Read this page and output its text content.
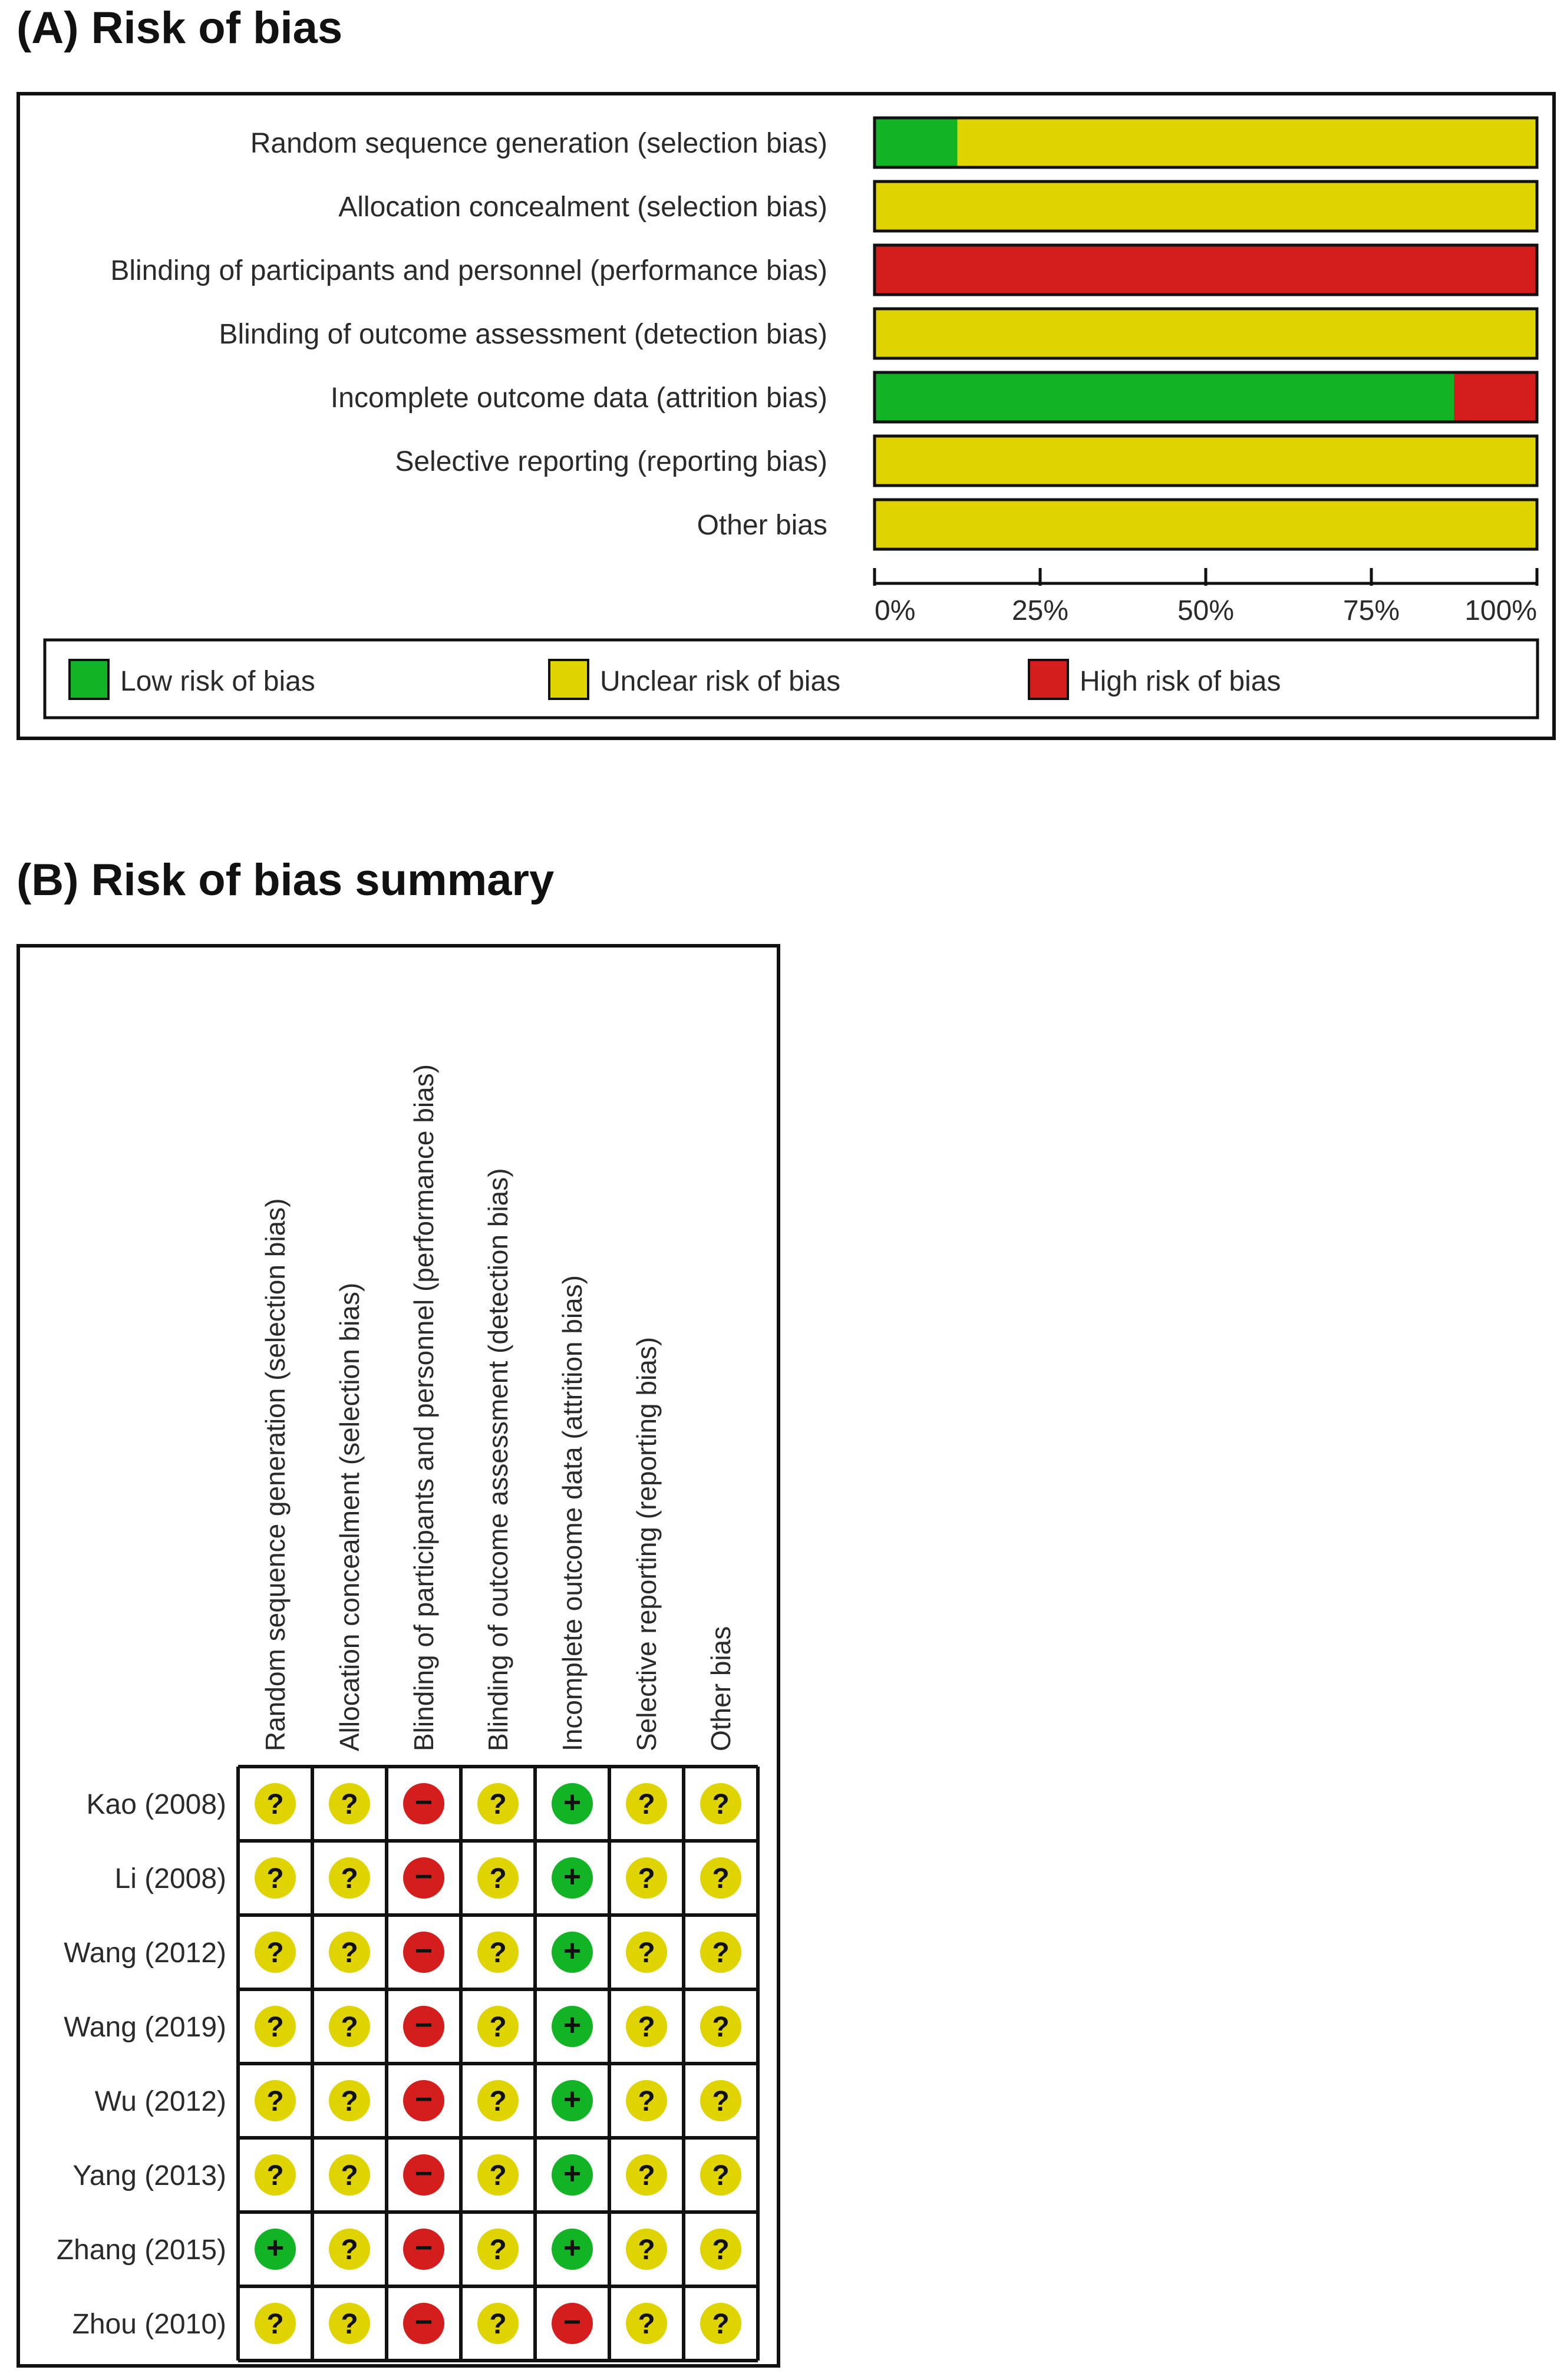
(A) Risk of bias
(B) Risk of bias summary
Random sequence generation (selection bias)
Allocation concealment (selection bias)
Blinding of participants and personnel (performance bias)
Blinding of outcome assessment (detection bias)
Incomplete outcome data (attrition bias)
Selective reporting (reporting bias)
Other bias
0%	25%	50%	75% 100%
Low risk of bias	Unclear risk of bias	High risk of bias
Random sequence generation (selection bias) Allocation concealment (selection bias) Blinding of participants and personnel (performance bias) Blinding of outcome assessment (detection bias) Incomplete outcome data (attrition bias) Selective reporting (reporting bias) Other bias
Kao (2008) ? ? − ? + ? ?
Li (2008) ? ? − ? + ? ?
Wang (2012) ? ? − ? + ? ?
Wang (2019) ? ? − ? + ? ?
Wu (2012) ? ? − ? + ? ?
Yang (2013) ? ? − ? + ? ?
Zhang (2015) + ? − ? + ? ?
Zhou (2010) ? ? − ? − ? ?
